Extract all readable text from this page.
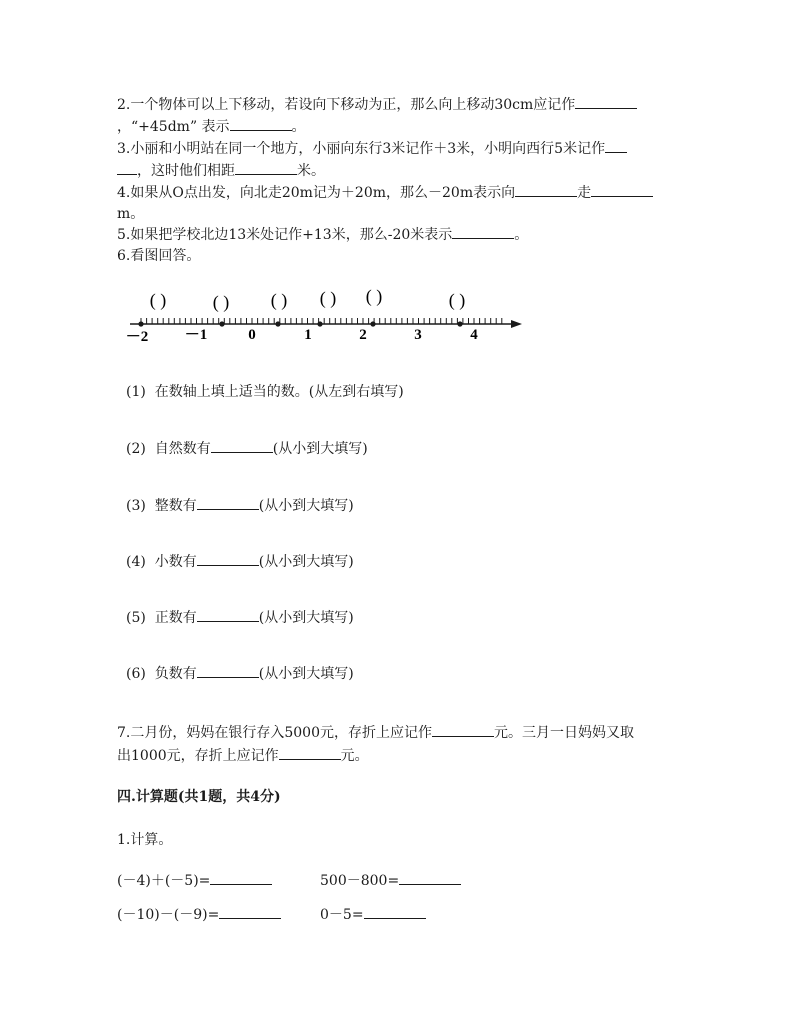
2.一个物体可以上下移动，若设向下移动为正，那么向上移动30cm应记作
，“+45dm” 表示	。
3.小丽和小明站在同一个地方，小丽向东行3米记作＋3米，小明向西行5米记作
，这时他们相距	米。
4.如果从O点出发，向北走20m记为＋20m，那么－20m表示向	走
m。
5.如果把学校北边13米处记作+13米，那么-20米表示	。
6.看图回答。
( )	( ) ( ) ( ) ( )	( )
－2 －1	0	1	2	3	4
(1) 在数轴上填上适当的数。(从左到右填写)
(2) 自然数有	(从小到大填写)
(3) 整数有	(从小到大填写)
(4) 小数有	(从小到大填写)
(5) 正数有	(从小到大填写)
(6) 负数有	(从小到大填写)
7.二月份，妈妈在银行存入5000元，存折上应记作	元。三月一日妈妈又取
出1000元，存折上应记作	元。
四.计算题(共1题，共4分)
1.计算。
(－4)＋(－5)=	500－800=
(－10)－(－9)=	0－5=
